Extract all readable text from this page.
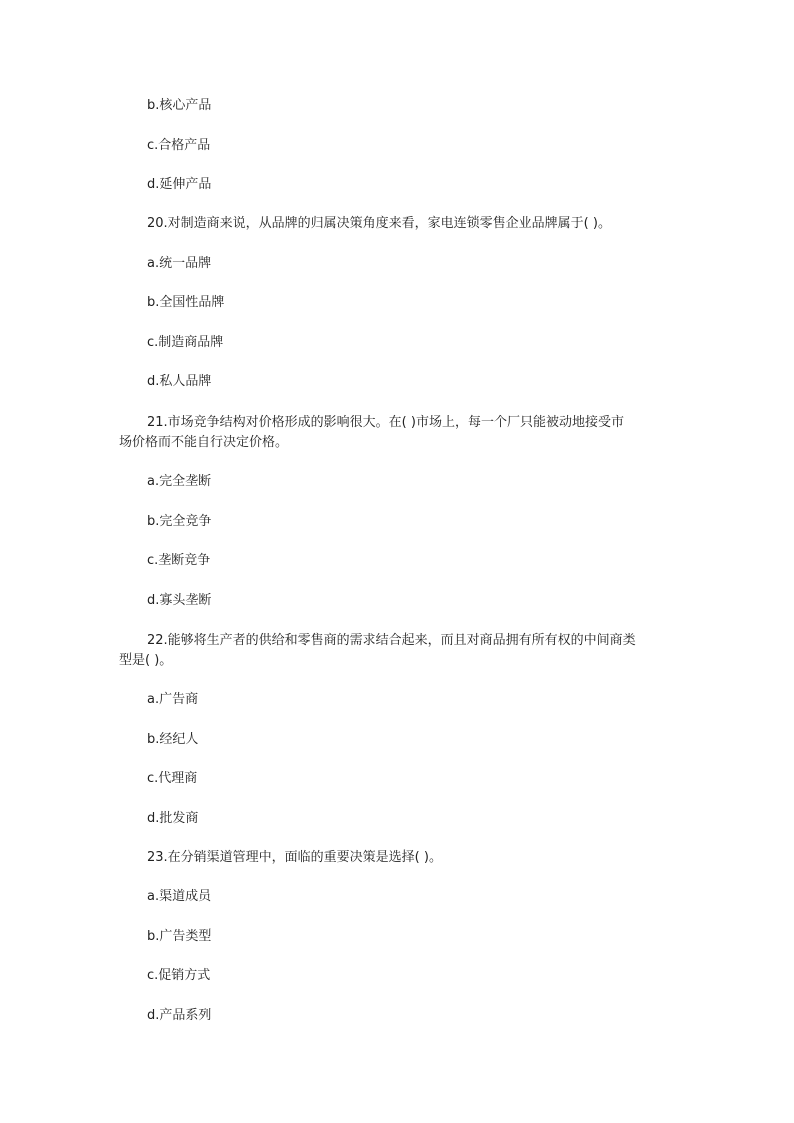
b.核心产品
c.合格产品
d.延伸产品
20.对制造商来说，从品牌的归属决策角度来看，家电连锁零售企业品牌属于( )。
a.统一品牌
b.全国性品牌
c.制造商品牌
d.私人品牌
21.市场竞争结构对价格形成的影响很大。在( )市场上，每一个厂只能被动地接受市
场价格而不能自行决定价格。
a.完全垄断
b.完全竞争
c.垄断竞争
d.寡头垄断
22.能够将生产者的供给和零售商的需求结合起来，而且对商品拥有所有权的中间商类
型是( )。
a.广告商
b.经纪人
c.代理商
d.批发商
23.在分销渠道管理中，面临的重要决策是选择( )。
a.渠道成员
b.广告类型
c.促销方式
d.产品系列
